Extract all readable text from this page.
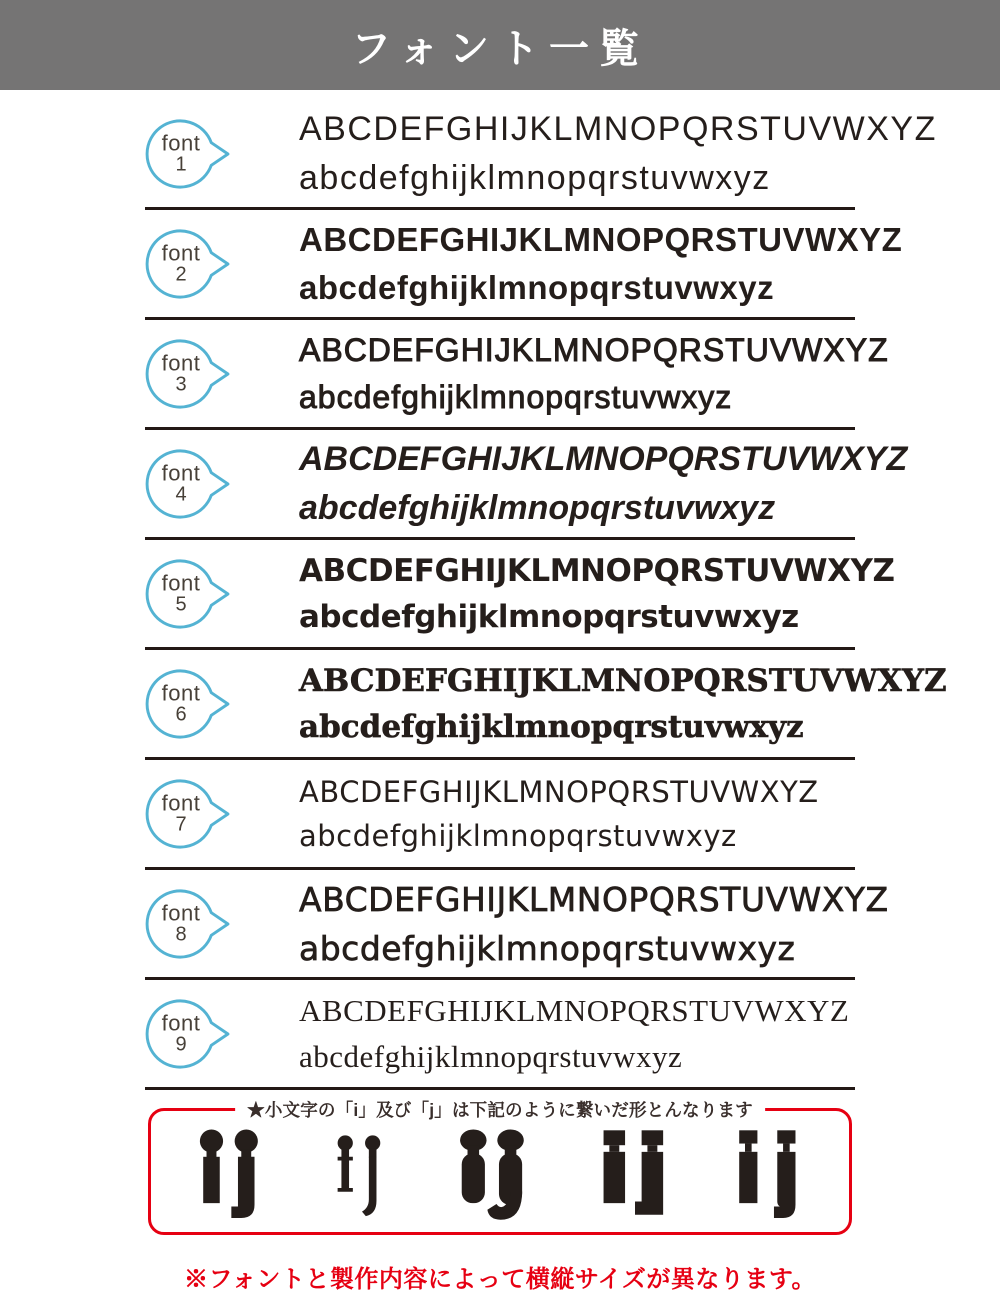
フォント一覧
font
1
ABCDEFGHIJKLMNOPQRSTUVWXYZ
abcdefghijklmnopqrstuvwxyz
font
2
ABCDEFGHIJKLMNOPQRSTUVWXYZ
abcdefghijklmnopqrstuvwxyz
font
3
ABCDEFGHIJKLMNOPQRSTUVWXYZ
abcdefghijklmnopqrstuvwxyz
font
4
ABCDEFGHIJKLMNOPQRSTUVWXYZ
abcdefghijklmnopqrstuvwxyz
font
5
ABCDEFGHIJKLMNOPQRSTUVWXYZ
abcdefghijklmnopqrstuvwxyz
font
6
ABCDEFGHIJKLMNOPQRSTUVWXYZ
abcdefghijklmnopqrstuvwxyz
font
7
ABCDEFGHIJKLMNOPQRSTUVWXYZ
abcdefghijklmnopqrstuvwxyz
font
8
ABCDEFGHIJKLMNOPQRSTUVWXYZ
abcdefghijklmnopqrstuvwxyz
font
9
ABCDEFGHIJKLMNOPQRSTUVWXYZ
abcdefghijklmnopqrstuvwxyz
★小文字の「i」及び「j」は下記のように繋いだ形とんなります
※フォントと製作内容によって横縦サイズが異なります。
